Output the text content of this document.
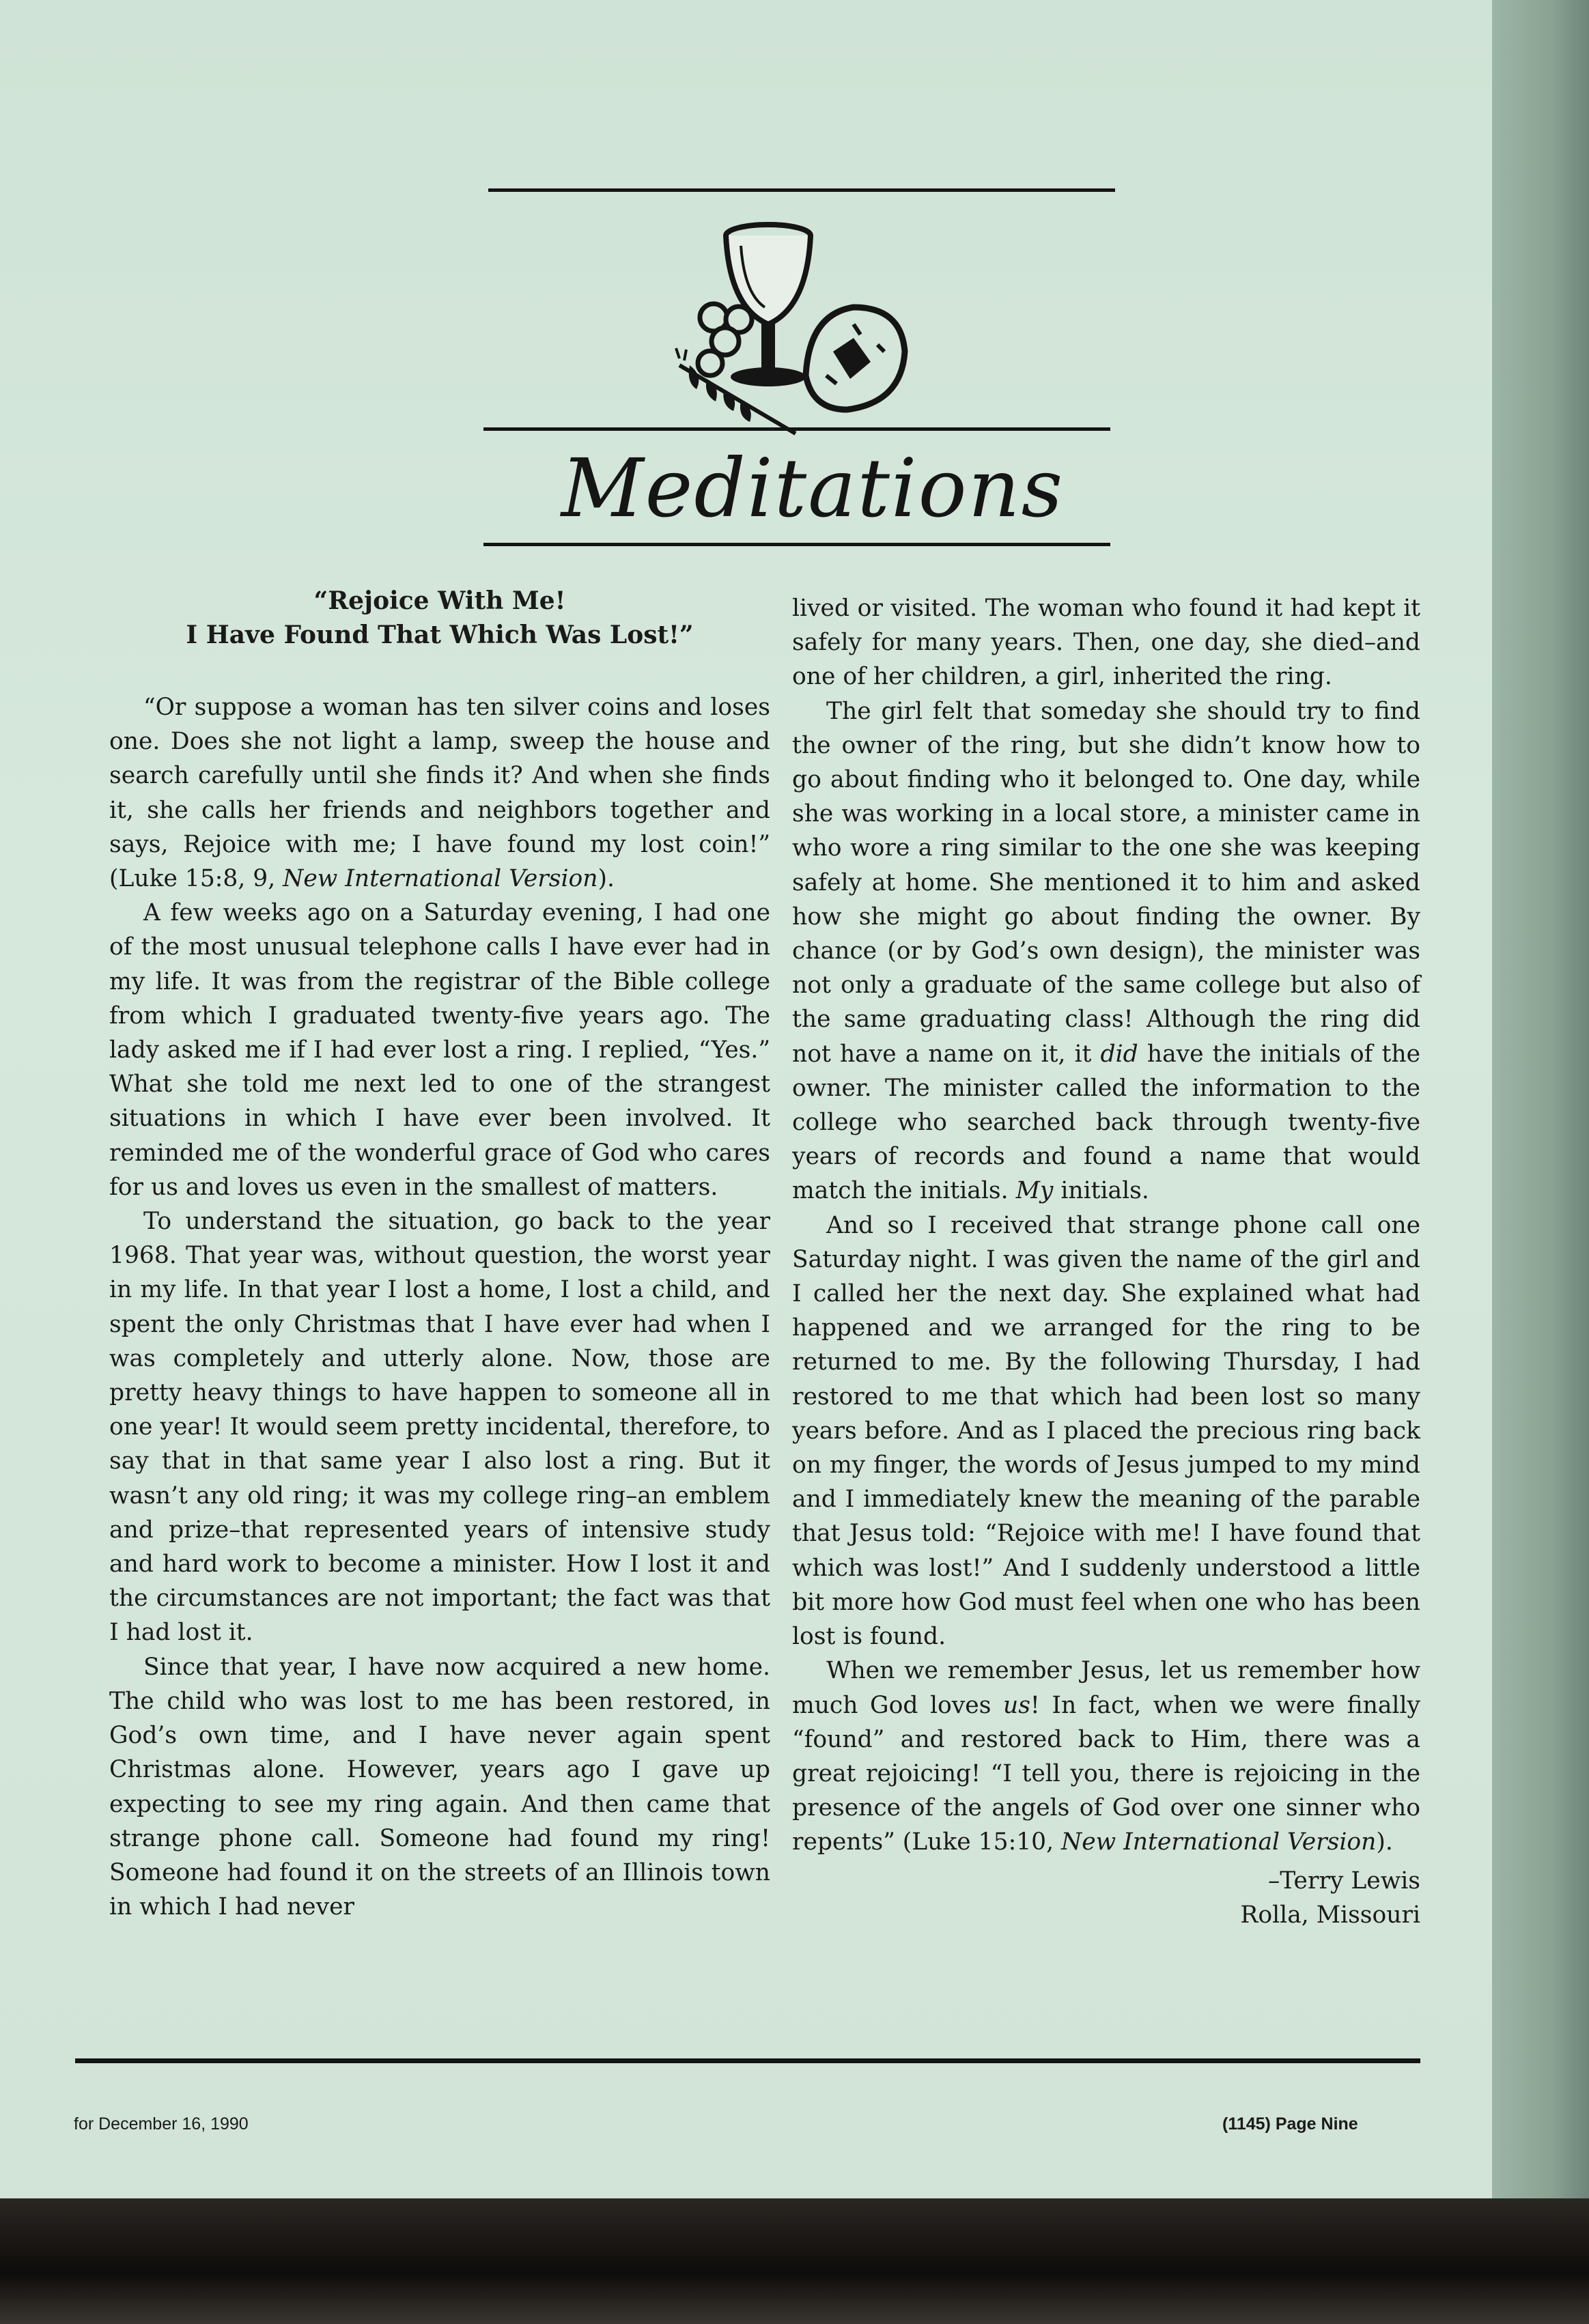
Meditations
“Rejoice With Me!
I Have Found That Which Was Lost!”

“Or suppose a woman has ten silver coins and loses one. Does she not light a lamp, sweep the house and search carefully until she finds it? And when she finds it, she calls her friends and neighbors together and says, Rejoice with me; I have found my lost coin!” (Luke 15:8, 9, New International Version).

A few weeks ago on a Saturday evening, I had one of the most unusual telephone calls I have ever had in my life. It was from the registrar of the Bible college from which I graduated twenty-five years ago. The lady asked me if I had ever lost a ring. I replied, “Yes.” What she told me next led to one of the strangest situations in which I have ever been involved. It reminded me of the wonderful grace of God who cares for us and loves us even in the smallest of matters.

To understand the situation, go back to the year 1968. That year was, without question, the worst year in my life. In that year I lost a home, I lost a child, and spent the only Christmas that I have ever had when I was completely and utterly alone. Now, those are pretty heavy things to have happen to someone all in one year! It would seem pretty incidental, therefore, to say that in that same year I also lost a ring. But it wasn’t any old ring; it was my college ring–an emblem and prize–that represented years of intensive study and hard work to become a minister. How I lost it and the circumstances are not important; the fact was that I had lost it.

Since that year, I have now acquired a new home. The child who was lost to me has been restored, in God’s own time, and I have never again spent Christmas alone. However, years ago I gave up expecting to see my ring again. And then came that strange phone call. Someone had found my ring! Someone had found it on the streets of an Illinois town in which I had never

lived or visited. The woman who found it had kept it safely for many years. Then, one day, she died–and one of her children, a girl, inherited the ring.

The girl felt that someday she should try to find the owner of the ring, but she didn’t know how to go about finding who it belonged to. One day, while she was working in a local store, a minister came in who wore a ring similar to the one she was keeping safely at home. She mentioned it to him and asked how she might go about finding the owner. By chance (or by God’s own design), the minister was not only a graduate of the same college but also of the same graduating class! Although the ring did not have a name on it, it did have the initials of the owner. The minister called the information to the college who searched back through twenty-five years of records and found a name that would match the initials. My initials.

And so I received that strange phone call one Saturday night. I was given the name of the girl and I called her the next day. She explained what had happened and we arranged for the ring to be returned to me. By the following Thursday, I had restored to me that which had been lost so many years before. And as I placed the precious ring back on my finger, the words of Jesus jumped to my mind and I immediately knew the meaning of the parable that Jesus told: “Rejoice with me! I have found that which was lost!” And I suddenly understood a little bit more how God must feel when one who has been lost is found.

When we remember Jesus, let us remember how much God loves us! In fact, when we were finally “found” and restored back to Him, there was a great rejoicing! “I tell you, there is rejoicing in the presence of the angels of God over one sinner who repents” (Luke 15:10, New International Version).

–Terry Lewis
Rolla, Missouri
for December 16, 1990	(1145) Page Nine
